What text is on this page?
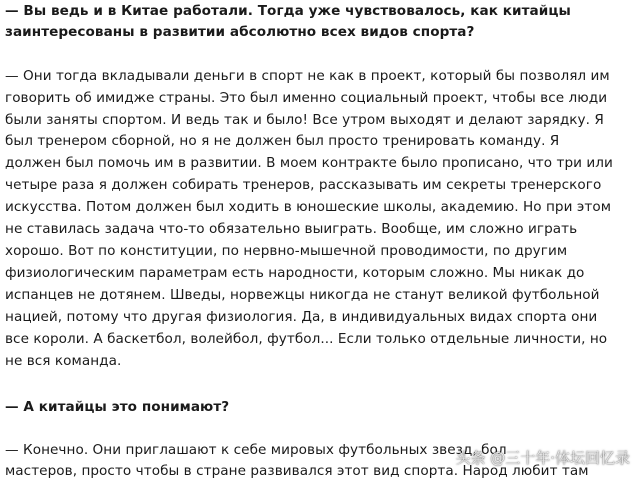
— Вы ведь и в Китае работали. Тогда уже чувствовалось, как китайцы
заинтересованы в развитии абсолютно всех видов спорта?
— Они тогда вкладывали деньги в спорт не как в проект, который бы позволял им
говорить об имидже страны. Это был именно социальный проект, чтобы все люди
были заняты спортом. И ведь так и было! Все утром выходят и делают зарядку. Я
был тренером сборной, но я не должен был просто тренировать команду. Я
должен был помочь им в развитии. В моем контракте было прописано, что три или
четыре раза я должен собирать тренеров, рассказывать им секреты тренерского
искусства. Потом должен был ходить в юношеские школы, академию. Но при этом
не ставилась задача что-то обязательно выиграть. Вообще, им сложно играть
хорошо. Вот по конституции, по нервно-мышечной проводимости, по другим
физиологическим параметрам есть народности, которым сложно. Мы никак до
испанцев не дотянем. Шведы, норвежцы никогда не станут великой футбольной
нацией, потому что другая физиология. Да, в индивидуальных видах спорта они
все короли. А баскетбол, волейбол, футбол... Если только отдельные личности, но
не вся команда.
— А китайцы это понимают?
— Конечно. Они приглашают к себе мировых футбольных звезд, бол
мастеров, просто чтобы в стране развивался этот вид спорта. Народ любит там
头条 @三十年·体坛回忆录
